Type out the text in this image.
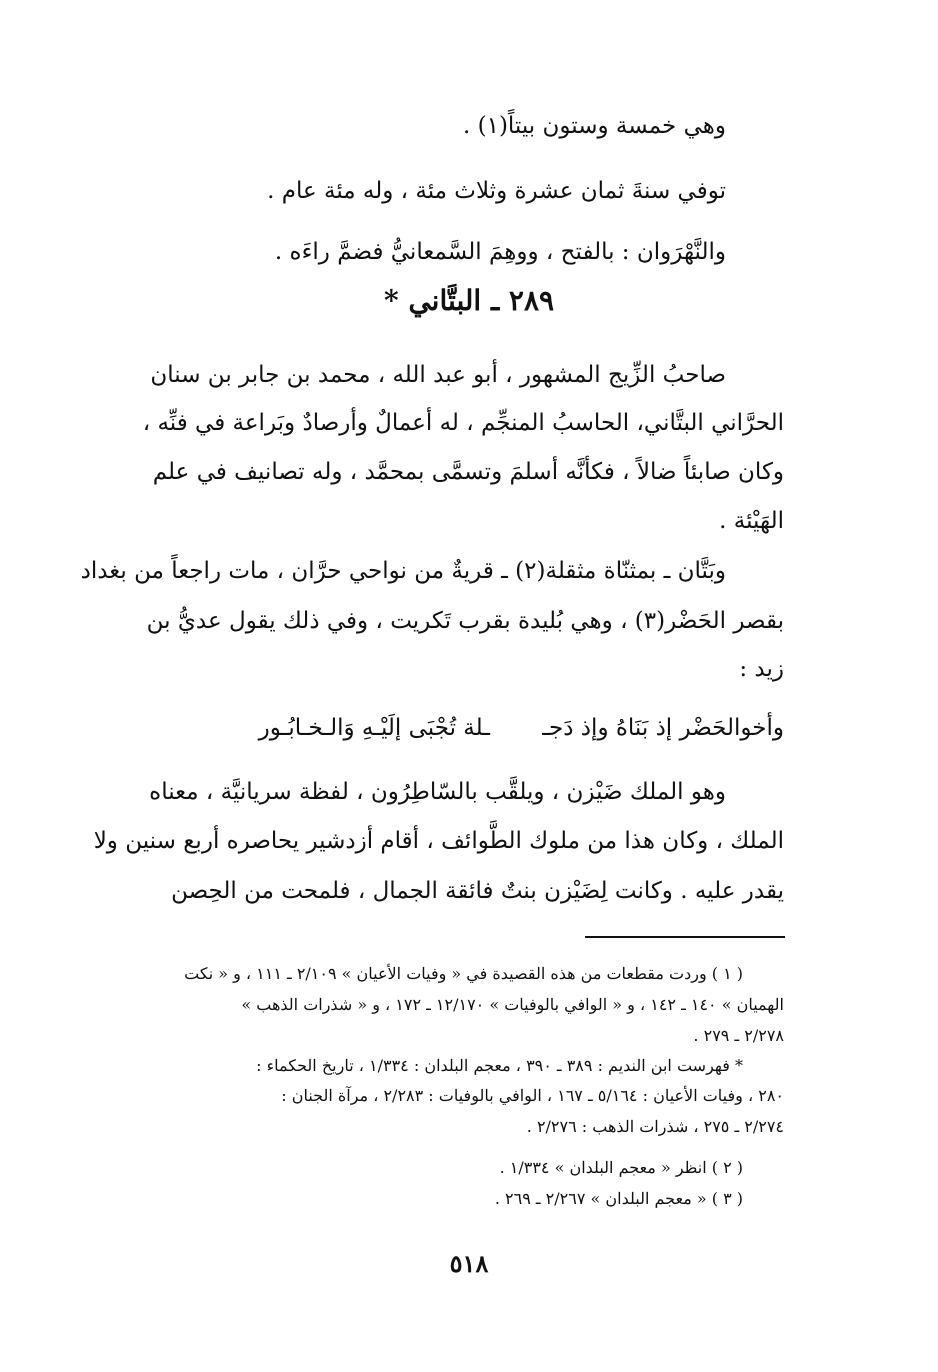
وهي خمسة وستون بيتاً(١) .
توفي سنةَ ثمان عشرة وثلاث مئة ، وله مئة عام .
والنَّهْرَوان : بالفتح ، ووهِمَ السَّمعانيُّ فضمَّ راءَه .
٢٨٩ ـ البتَّاني *
صاحبُ الزِّيج المشهور ، أبو عبد الله ، محمد بن جابر بن سنان
الحرَّاني البتَّاني، الحاسبُ المنجِّم ، له أعمالٌ وأرصادٌ وبَراعة في فنِّه ،
وكان صابئاً ضالاً ، فكأنَّه أسلمَ وتسمَّى بمحمَّد ، وله تصانيف في علم
الهَيْئة .
وبَتَّان ـ بمثنّاة مثقلة(٢) ـ قريةٌ من نواحي حرَّان ، مات راجعاً من بغداد
بقصر الحَضْر(٣) ، وهي بُليدة بقرب تَكريت ، وفي ذلك يقول عديُّ بن
زيد :
وأخوالحَضْر إذ بَنَاهُ وإذ دَجـ
ـلة تُجْبَى إلَيْـهِ وَالـخـابُـور
وهو الملك ضَيْزن ، ويلقَّب بالسّاطِرُون ، لفظة سريانيَّة ، معناه
الملك ، وكان هذا من ملوك الطَّوائف ، أقام أزدشير يحاصره أربع سنين ولا
يقدر عليه . وكانت لِضَيْزن بنتٌ فائقة الجمال ، فلمحت من الحِصن
( ١ ) وردت مقطعات من هذه القصيدة في « وفيات الأعيان » ٢/١٠٩ ـ ١١١ ، و « نكت
الهميان » ١٤٠ ـ ١٤٢ ، و « الوافي بالوفيات » ١٢/١٧٠ ـ ١٧٢ ، و « شذرات الذهب »
٢/٢٧٨ ـ ٢٧٩ .
* فهرست ابن النديم : ٣٨٩ ـ ٣٩٠ ، معجم البلدان : ١/٣٣٤ ، تاريخ الحكماء :
٢٨٠ ، وفيات الأعيان : ٥/١٦٤ ـ ١٦٧ ، الوافي بالوفيات : ٢/٢٨٣ ، مرآة الجنان :
٢/٢٧٤ ـ ٢٧٥ ، شذرات الذهب : ٢/٢٧٦ .
( ٢ ) انظر « معجم البلدان » ١/٣٣٤ .
( ٣ ) « معجم البلدان » ٢/٢٦٧ ـ ٢٦٩ .
٥١٨
